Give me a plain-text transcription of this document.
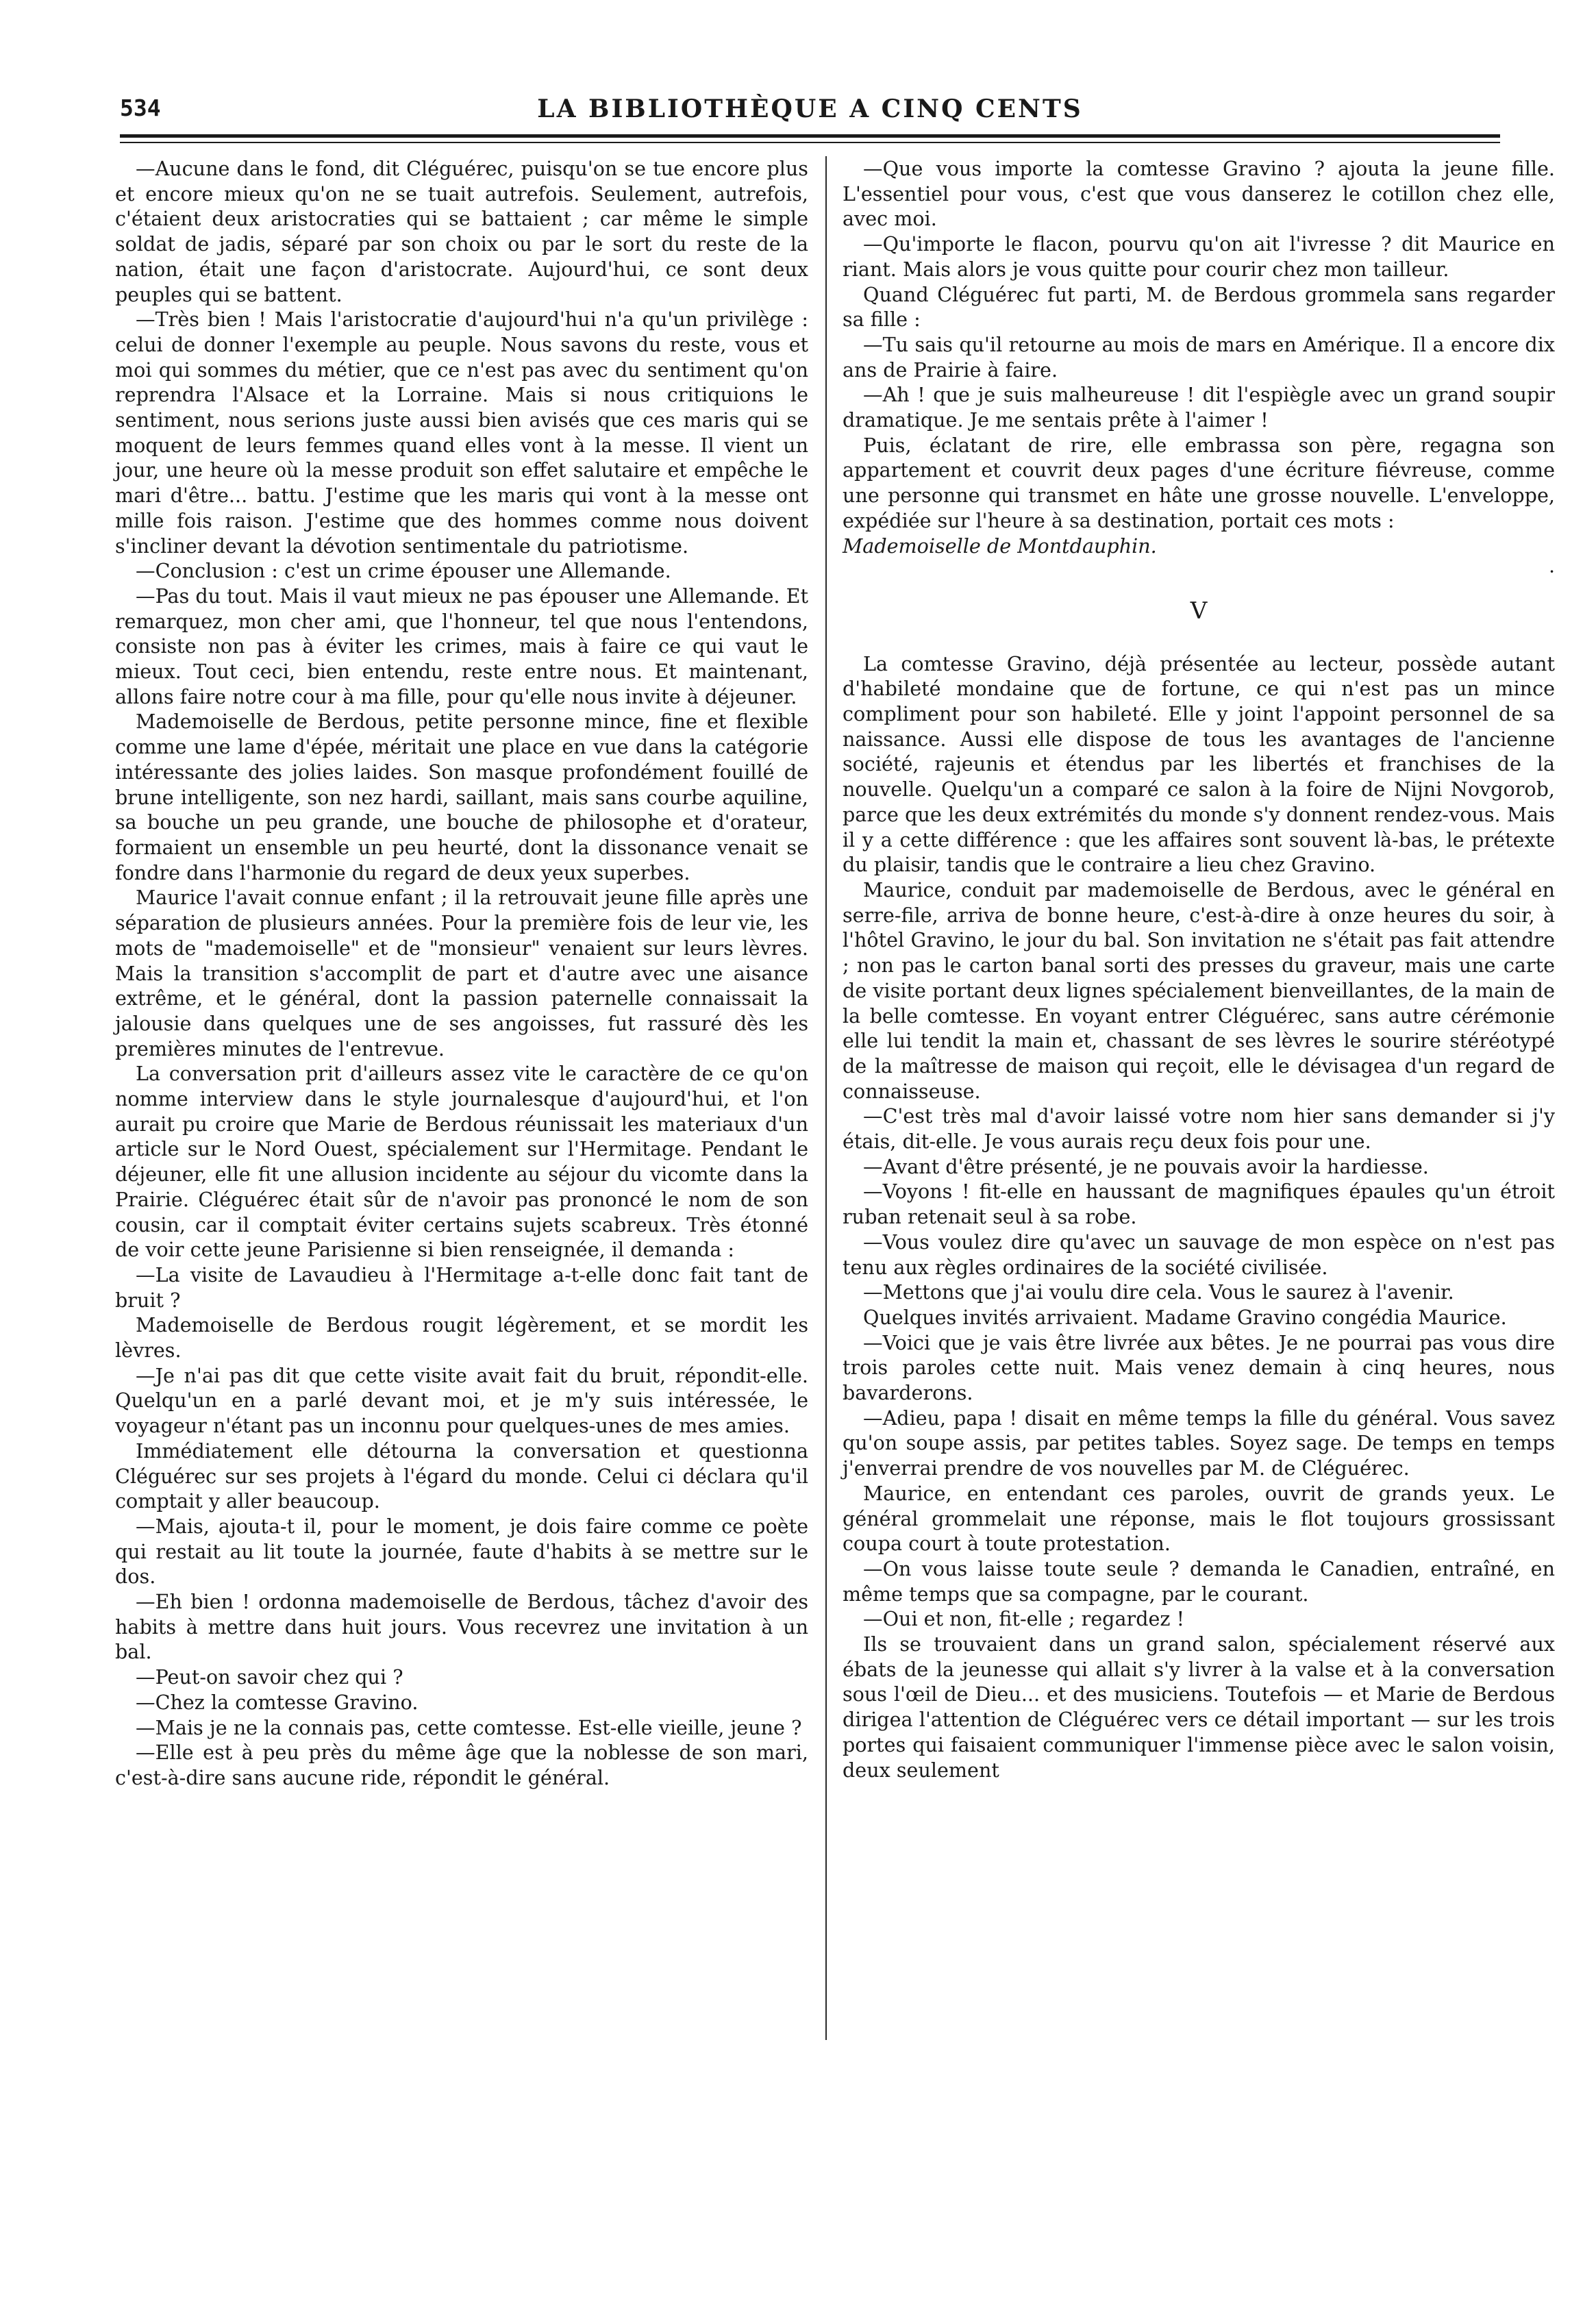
534	LA BIBLIOTHÈQUE A CINQ CENTS

—Aucune dans le fond, dit Cléguérec, puisqu'on se tue encore plus et encore mieux qu'on ne se tuait autrefois. Seulement, autrefois, c'étaient deux aristocraties qui se battaient ; car même le simple soldat de jadis, séparé par son choix ou par le sort du reste de la nation, était une façon d'aristocrate. Aujourd'hui, ce sont deux peuples qui se battent.

—Très bien ! Mais l'aristocratie d'aujourd'hui n'a qu'un privilège : celui de donner l'exemple au peuple. Nous savons du reste, vous et moi qui sommes du métier, que ce n'est pas avec du sentiment qu'on reprendra l'Alsace et la Lorraine. Mais si nous critiquions le sentiment, nous serions juste aussi bien avisés que ces maris qui se moquent de leurs femmes quand elles vont à la messe. Il vient un jour, une heure où la messe produit son effet salutaire et empêche le mari d'être... battu. J'estime que les maris qui vont à la messe ont mille fois raison. J'estime que des hommes comme nous doivent s'incliner devant la dévotion sentimentale du patriotisme.

—Conclusion : c'est un crime épouser une Allemande.

—Pas du tout. Mais il vaut mieux ne pas épouser une Allemande. Et remarquez, mon cher ami, que l'honneur, tel que nous l'entendons, consiste non pas à éviter les crimes, mais à faire ce qui vaut le mieux. Tout ceci, bien entendu, reste entre nous. Et maintenant, allons faire notre cour à ma fille, pour qu'elle nous invite à déjeuner.

Mademoiselle de Berdous, petite personne mince, fine et flexible comme une lame d'épée, méritait une place en vue dans la catégorie intéressante des jolies laides. Son masque profondément fouillé de brune intelligente, son nez hardi, saillant, mais sans courbe aquiline, sa bouche un peu grande, une bouche de philosophe et d'orateur, formaient un ensemble un peu heurté, dont la dissonance venait se fondre dans l'harmonie du regard de deux yeux superbes.

Maurice l'avait connue enfant ; il la retrouvait jeune fille après une séparation de plusieurs années. Pour la première fois de leur vie, les mots de "mademoiselle" et de "monsieur" venaient sur leurs lèvres. Mais la transition s'accomplit de part et d'autre avec une aisance extrême, et le général, dont la passion paternelle connaissait la jalousie dans quelques une de ses angoisses, fut rassuré dès les premières minutes de l'entrevue.

La conversation prit d'ailleurs assez vite le caractère de ce qu'on nomme interview dans le style journalesque d'aujourd'hui, et l'on aurait pu croire que Marie de Berdous réunissait les materiaux d'un article sur le Nord Ouest, spécialement sur l'Hermitage. Pendant le déjeuner, elle fit une allusion incidente au séjour du vicomte dans la Prairie. Cléguérec était sûr de n'avoir pas prononcé le nom de son cousin, car il comptait éviter certains sujets scabreux. Très étonné de voir cette jeune Parisienne si bien renseignée, il demanda :

—La visite de Lavaudieu à l'Hermitage a-t-elle donc fait tant de bruit ?

Mademoiselle de Berdous rougit légèrement, et se mordit les lèvres.

—Je n'ai pas dit que cette visite avait fait du bruit, répondit-elle. Quelqu'un en a parlé devant moi, et je m'y suis intéressée, le voyageur n'étant pas un inconnu pour quelques-unes de mes amies.

Immédiatement elle détourna la conversation et questionna Cléguérec sur ses projets à l'égard du monde. Celui ci déclara qu'il comptait y aller beaucoup.

—Mais, ajouta-t il, pour le moment, je dois faire comme ce poète qui restait au lit toute la journée, faute d'habits à se mettre sur le dos.

—Eh bien ! ordonna mademoiselle de Berdous, tâchez d'avoir des habits à mettre dans huit jours. Vous recevrez une invitation à un bal.

—Peut-on savoir chez qui ?

—Chez la comtesse Gravino.

—Mais je ne la connais pas, cette comtesse. Est-elle vieille, jeune ?

—Elle est à peu près du même âge que la noblesse de son mari, c'est-à-dire sans aucune ride, répondit le général.

—Que vous importe la comtesse Gravino ? ajouta la jeune fille. L'essentiel pour vous, c'est que vous danserez le cotillon chez elle, avec moi.

—Qu'importe le flacon, pourvu qu'on ait l'ivresse ? dit Maurice en riant. Mais alors je vous quitte pour courir chez mon tailleur.

Quand Cléguérec fut parti, M. de Berdous grommela sans regarder sa fille :

—Tu sais qu'il retourne au mois de mars en Amérique. Il a encore dix ans de Prairie à faire.

—Ah ! que je suis malheureuse ! dit l'espiègle avec un grand soupir dramatique. Je me sentais prête à l'aimer !

Puis, éclatant de rire, elle embrassa son père, regagna son appartement et couvrit deux pages d'une écriture fiévreuse, comme une personne qui transmet en hâte une grosse nouvelle. L'enveloppe, expédiée sur l'heure à sa destination, portait ces mots :

Mademoiselle de Montdauphin.

·
V

La comtesse Gravino, déjà présentée au lecteur, possède autant d'habileté mondaine que de fortune, ce qui n'est pas un mince compliment pour son habileté. Elle y joint l'appoint personnel de sa naissance. Aussi elle dispose de tous les avantages de l'ancienne société, rajeunis et étendus par les libertés et franchises de la nouvelle. Quelqu'un a comparé ce salon à la foire de Nijni Novgorob, parce que les deux extrémités du monde s'y donnent rendez-vous. Mais il y a cette différence : que les affaires sont souvent là-bas, le prétexte du plaisir, tandis que le contraire a lieu chez Gravino.

Maurice, conduit par mademoiselle de Berdous, avec le général en serre-file, arriva de bonne heure, c'est-à-dire à onze heures du soir, à l'hôtel Gravino, le jour du bal. Son invitation ne s'était pas fait attendre ; non pas le carton banal sorti des presses du graveur, mais une carte de visite portant deux lignes spécialement bienveillantes, de la main de la belle comtesse. En voyant entrer Cléguérec, sans autre cérémonie elle lui tendit la main et, chassant de ses lèvres le sourire stéréotypé de la maîtresse de maison qui reçoit, elle le dévisagea d'un regard de connaisseuse.

—C'est très mal d'avoir laissé votre nom hier sans demander si j'y étais, dit-elle. Je vous aurais reçu deux fois pour une.

—Avant d'être présenté, je ne pouvais avoir la hardiesse.

—Voyons ! fit-elle en haussant de magnifiques épaules qu'un étroit ruban retenait seul à sa robe.

—Vous voulez dire qu'avec un sauvage de mon espèce on n'est pas tenu aux règles ordinaires de la société civilisée.

—Mettons que j'ai voulu dire cela. Vous le saurez à l'avenir.

Quelques invités arrivaient. Madame Gravino congédia Maurice.

—Voici que je vais être livrée aux bêtes. Je ne pourrai pas vous dire trois paroles cette nuit. Mais venez demain à cinq heures, nous bavarderons.

—Adieu, papa ! disait en même temps la fille du général. Vous savez qu'on soupe assis, par petites tables. Soyez sage. De temps en temps j'enverrai prendre de vos nouvelles par M. de Cléguérec.

Maurice, en entendant ces paroles, ouvrit de grands yeux. Le général grommelait une réponse, mais le flot toujours grossissant coupa court à toute protestation.

—On vous laisse toute seule ? demanda le Canadien, entraîné, en même temps que sa compagne, par le courant.

—Oui et non, fit-elle ; regardez !

Ils se trouvaient dans un grand salon, spécialement réservé aux ébats de la jeunesse qui allait s'y livrer à la valse et à la conversation sous l'œil de Dieu... et des musiciens. Toutefois — et Marie de Berdous dirigea l'attention de Cléguérec vers ce détail important — sur les trois portes qui faisaient communiquer l'immense pièce avec le salon voisin, deux seulement
